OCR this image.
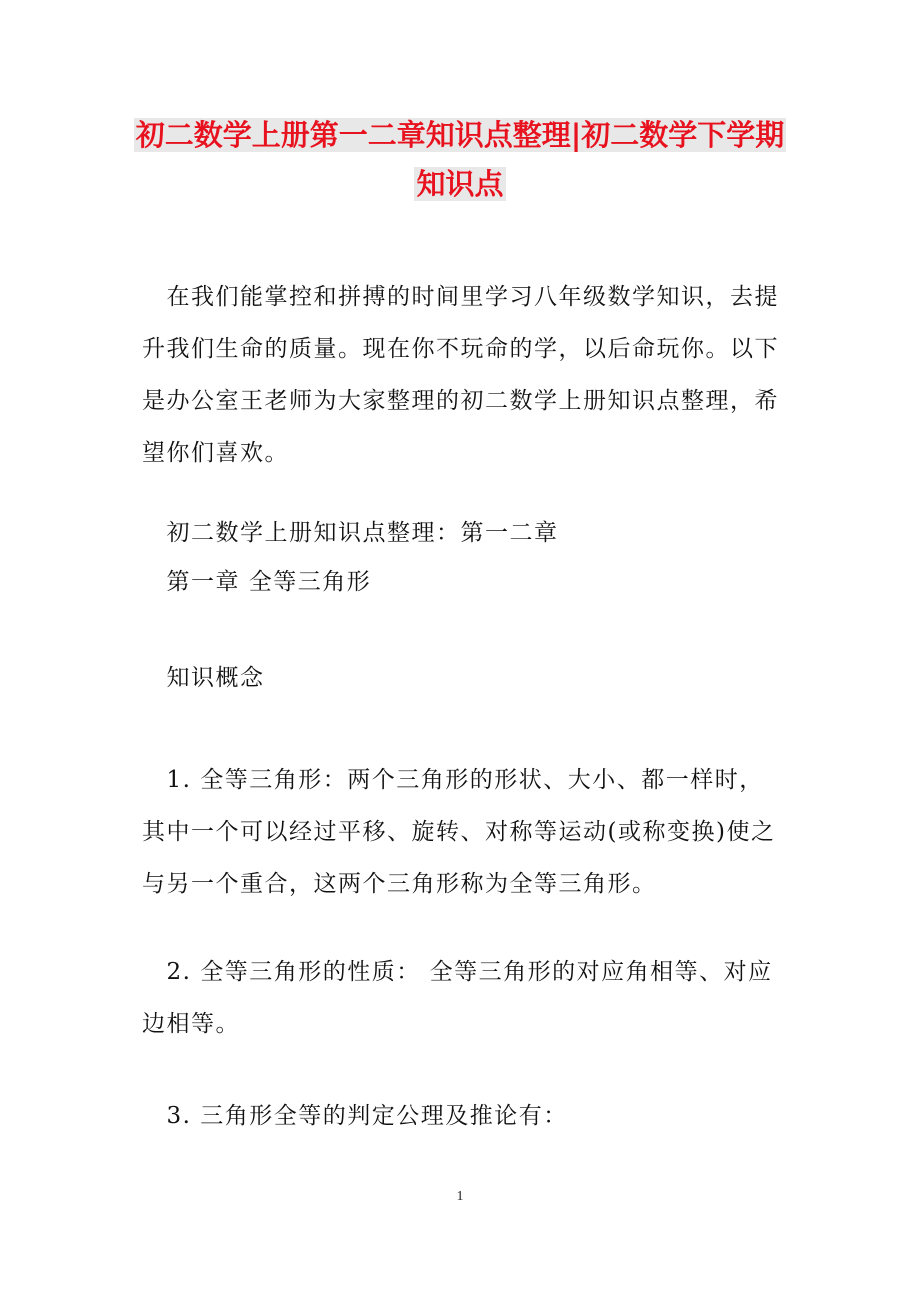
初二数学上册第一二章知识点整理|初二数学下学期
知识点
　在我们能掌控和拼搏的时间里学习八年级数学知识，去提升我们生命的质量。现在你不玩命的学，以后命玩你。以下是办公室王老师为大家整理的初二数学上册知识点整理，希望你们喜欢。
　初二数学上册知识点整理：第一二章
　第一章 全等三角形
　知识概念
　1. 全等三角形：两个三角形的形状、大小、都一样时，其中一个可以经过平移、旋转、对称等运动(或称变换)使之与另一个重合，这两个三角形称为全等三角形。
　2. 全等三角形的性质： 全等三角形的对应角相等、对应边相等。
　3. 三角形全等的判定公理及推论有：
1
